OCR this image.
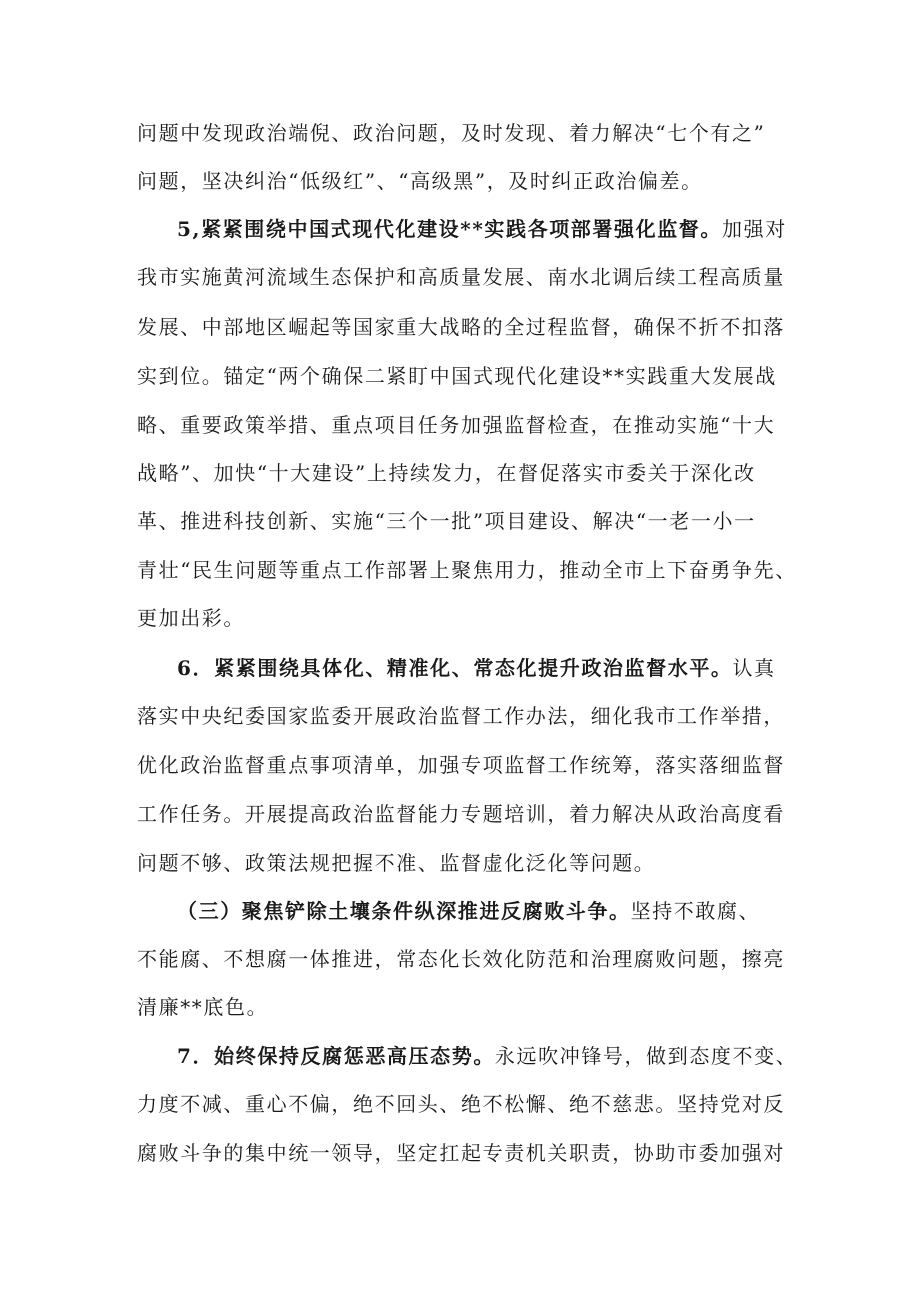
问题中发现政治端倪、政治问题，及时发现、着力解决“七个有之”
问题，坚决纠治“低级红”、“高级黑”，及时纠正政治偏差。
5,紧紧围绕中国式现代化建设**实践各项部署强化监督。加强对
我市实施黄河流域生态保护和高质量发展、南水北调后续工程高质量
发展、中部地区崛起等国家重大战略的全过程监督，确保不折不扣落
实到位。锚定“两个确保二紧盯中国式现代化建设**实践重大发展战
略、重要政策举措、重点项目任务加强监督检查，在推动实施“十大
战略”、加快“十大建设”上持续发力，在督促落实市委关于深化改
革、推进科技创新、实施“三个一批”项目建设、解决“一老一小一
青壮“民生问题等重点工作部署上聚焦用力，推动全市上下奋勇争先、
更加出彩。
6．紧紧围绕具体化、精准化、常态化提升政治监督水平。认真
落实中央纪委国家监委开展政治监督工作办法，细化我市工作举措，
优化政治监督重点事项清单，加强专项监督工作统筹，落实落细监督
工作任务。开展提高政治监督能力专题培训，着力解决从政治高度看
问题不够、政策法规把握不准、监督虚化泛化等问题。
（三）聚焦铲除土壤条件纵深推进反腐败斗争。坚持不敢腐、
不能腐、不想腐一体推进，常态化长效化防范和治理腐败问题，擦亮
清廉**底色。
7．始终保持反腐惩恶高压态势。永远吹冲锋号，做到态度不变、
力度不减、重心不偏，绝不回头、绝不松懈、绝不慈悲。坚持党对反
腐败斗争的集中统一领导，坚定扛起专责机关职责，协助市委加强对
